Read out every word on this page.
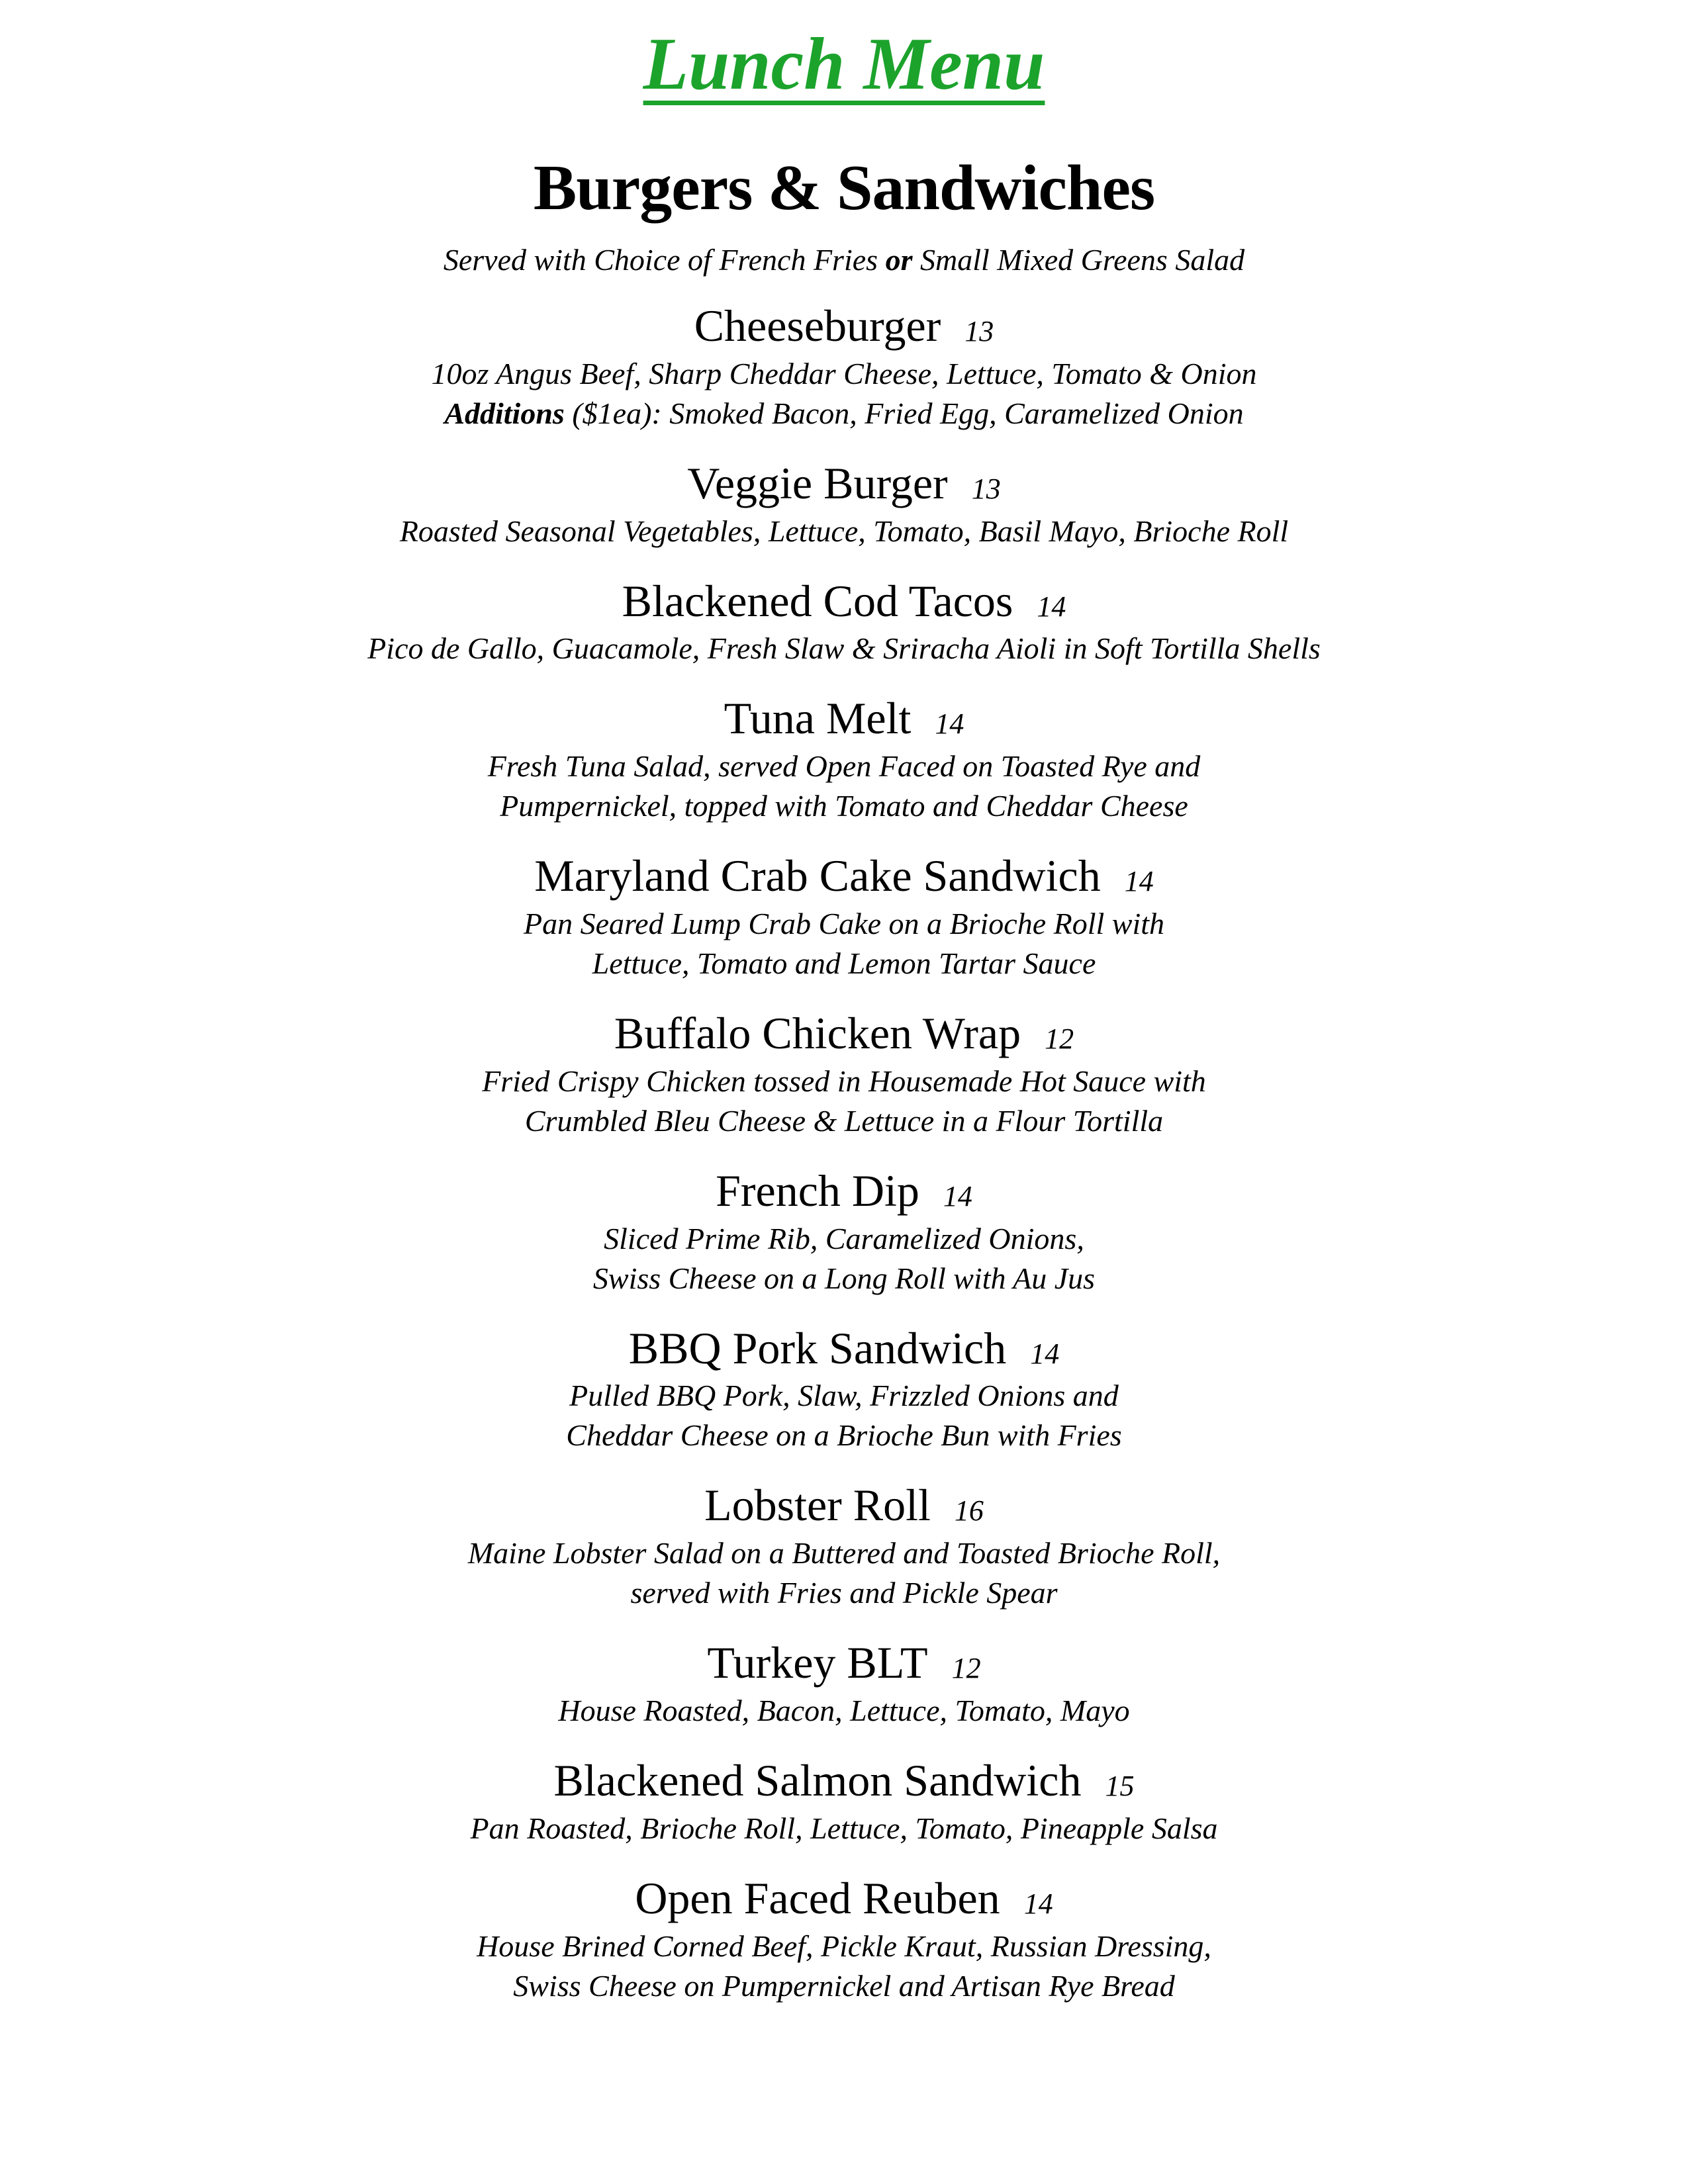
Lunch Menu
Burgers & Sandwiches

Served with Choice of French Fries or Small Mixed Greens Salad

Cheeseburger 13

10oz Angus Beef, Sharp Cheddar Cheese, Lettuce, Tomato & Onion
Additions ($1ea): Smoked Bacon, Fried Egg, Caramelized Onion

Veggie Burger 13

Roasted Seasonal Vegetables, Lettuce, Tomato, Basil Mayo, Brioche Roll

Blackened Cod Tacos 14

Pico de Gallo, Guacamole, Fresh Slaw & Sriracha Aioli in Soft Tortilla Shells

Tuna Melt 14

Fresh Tuna Salad, served Open Faced on Toasted Rye and
Pumpernickel, topped with Tomato and Cheddar Cheese

Maryland Crab Cake Sandwich 14

Pan Seared Lump Crab Cake on a Brioche Roll with
Lettuce, Tomato and Lemon Tartar Sauce

Buffalo Chicken Wrap 12

Fried Crispy Chicken tossed in Housemade Hot Sauce with
Crumbled Bleu Cheese & Lettuce in a Flour Tortilla

French Dip 14

Sliced Prime Rib, Caramelized Onions,
Swiss Cheese on a Long Roll with Au Jus

BBQ Pork Sandwich 14

Pulled BBQ Pork, Slaw, Frizzled Onions and
Cheddar Cheese on a Brioche Bun with Fries

Lobster Roll 16

Maine Lobster Salad on a Buttered and Toasted Brioche Roll,
served with Fries and Pickle Spear

Turkey BLT 12

House Roasted, Bacon, Lettuce, Tomato, Mayo

Blackened Salmon Sandwich 15

Pan Roasted, Brioche Roll, Lettuce, Tomato, Pineapple Salsa

Open Faced Reuben 14

House Brined Corned Beef, Pickle Kraut, Russian Dressing,
Swiss Cheese on Pumpernickel and Artisan Rye Bread
